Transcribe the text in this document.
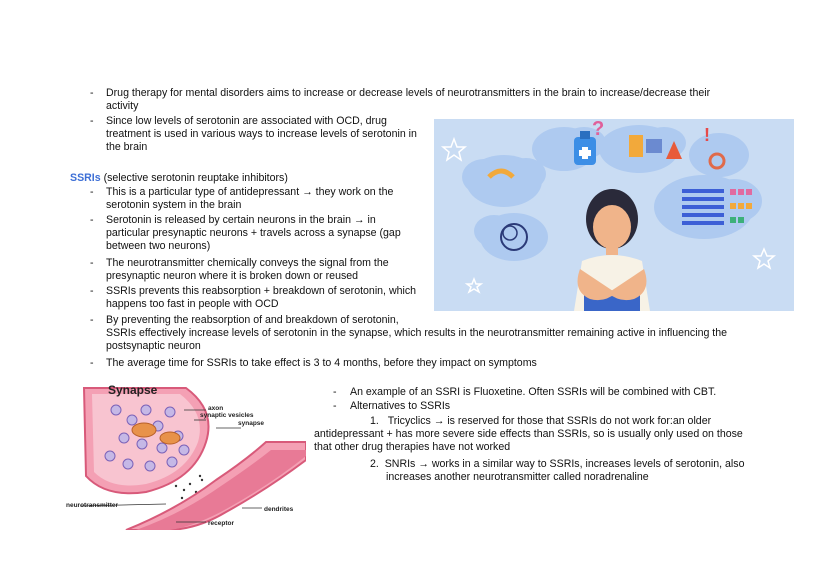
- Drug therapy for mental disorders aims to increase or decrease levels of neurotransmitters in the brain to increase/decrease their
activity
- Since low levels of serotonin are associated with OCD, drug
treatment is used in various ways to increase levels of serotonin in
the brain
SSRIs (selective serotonin reuptake inhibitors)
- This is a particular type of antidepressant → they work on the
serotonin system in the brain
- Serotonin is released by certain neurons in the brain → in
particular presynaptic neurons + travels across a synapse (gap
between two neurons)
- The neurotransmitter chemically conveys the signal from the
presynaptic neuron where it is broken down or reused
- SSRIs prevents this reabsorption + breakdown of serotonin, which
happens too fast in people with OCD
- By preventing the reabsorption of and breakdown of serotonin,
SSRIs effectively increase levels of serotonin in the synapse, which results in the neurotransmitter remaining active in influencing the
postsynaptic neuron
- The average time for SSRIs to take effect is 3 to 4 months, before they impact on symptoms
- An example of an SSRI is Fluoxetine. Often SSRIs will be combined with CBT.
- Alternatives to SSRIs
1. Tricyclics → is reserved for those that SSRIs do not work for:an older
antidepressant + has more severe side effects than SSRIs, so is usually only used on those
that other drug therapies have not worked
2. SNRIs → works in a similar way to SSRIs, increases levels of serotonin, also
increases another neurotransmitter called noradrenaline
?	!
Synapse
axon
synaptic vesicles
synapse
neurotransmitter
dendrites
receptor
